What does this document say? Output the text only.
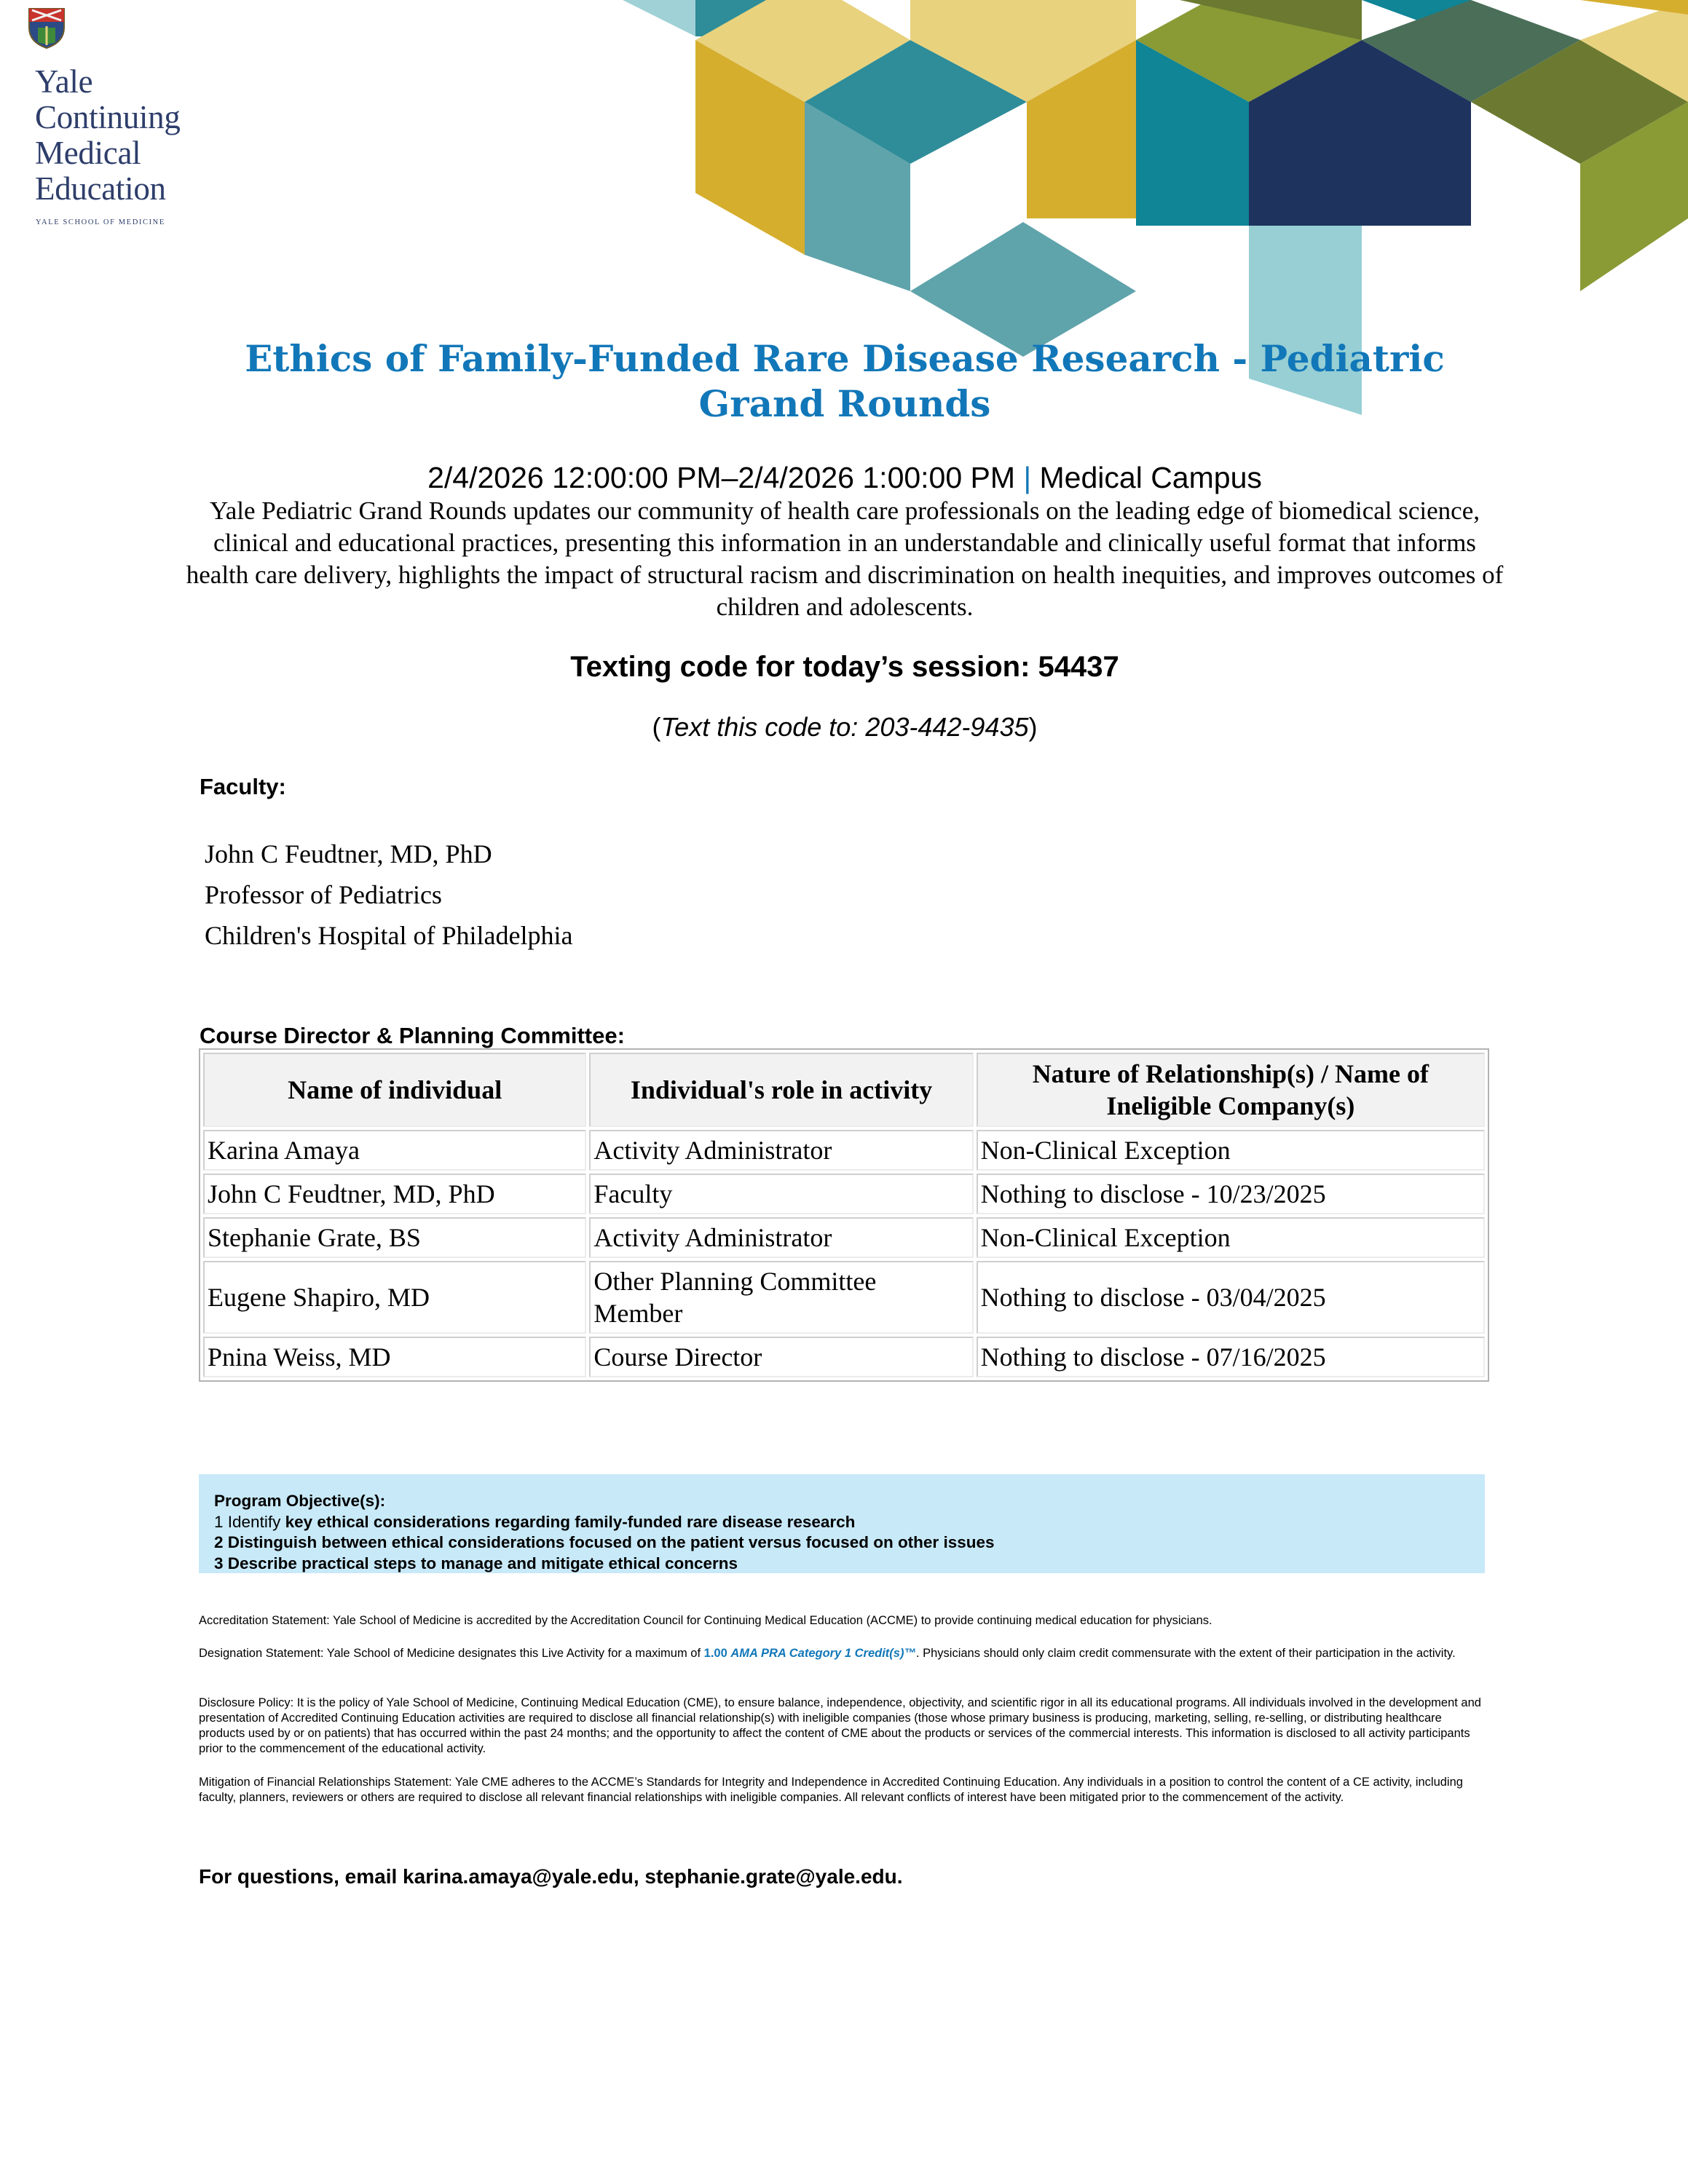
Yale
Continuing
Medical
Education
YALE SCHOOL OF MEDICINE
Ethics of Family-Funded Rare Disease Research - Pediatric Grand Rounds
2/4/2026 12:00:00 PM–2/4/2026 1:00:00 PM | Medical Campus
Yale Pediatric Grand Rounds updates our community of health care professionals on the leading edge of biomedical science, clinical and educational practices, presenting this information in an understandable and clinically useful format that informs health care delivery, highlights the impact of structural racism and discrimination on health inequities, and improves outcomes of children and adolescents.
Texting code for today’s session: 54437
(Text this code to: 203-442-9435)
Faculty:
John C Feudtner, MD, PhD
Professor of Pediatrics
Children's Hospital of Philadelphia
Course Director & Planning Committee:
Name of individual	Individual's role in activity	Nature of Relationship(s) / Name of Ineligible Company(s)
Karina Amaya	Activity Administrator	Non-Clinical Exception
John C Feudtner, MD, PhD	Faculty	Nothing to disclose - 10/23/2025
Stephanie Grate, BS	Activity Administrator	Non-Clinical Exception
Eugene Shapiro, MD	Other Planning Committee Member	Nothing to disclose - 03/04/2025
Pnina Weiss, MD	Course Director	Nothing to disclose - 07/16/2025
Program Objective(s):
1 Identify key ethical considerations regarding family-funded rare disease research
2 Distinguish between ethical considerations focused on the patient versus focused on other issues
3 Describe practical steps to manage and mitigate ethical concerns
Accreditation Statement: Yale School of Medicine is accredited by the Accreditation Council for Continuing Medical Education (ACCME) to provide continuing medical education for physicians.
Designation Statement: Yale School of Medicine designates this Live Activity for a maximum of 1.00 AMA PRA Category 1 Credit(s)™. Physicians should only claim credit commensurate with the extent of their participation in the activity.
Disclosure Policy: It is the policy of Yale School of Medicine, Continuing Medical Education (CME), to ensure balance, independence, objectivity, and scientific rigor in all its educational programs. All individuals involved in the development and presentation of Accredited Continuing Education activities are required to disclose all financial relationship(s) with ineligible companies (those whose primary business is producing, marketing, selling, re-selling, or distributing healthcare products used by or on patients) that has occurred within the past 24 months; and the opportunity to affect the content of CME about the products or services of the commercial interests. This information is disclosed to all activity participants prior to the commencement of the educational activity.
Mitigation of Financial Relationships Statement: Yale CME adheres to the ACCME’s Standards for Integrity and Independence in Accredited Continuing Education. Any individuals in a position to control the content of a CE activity, including faculty, planners, reviewers or others are required to disclose all relevant financial relationships with ineligible companies. All relevant conflicts of interest have been mitigated prior to the commencement of the activity.
For questions, email karina.amaya@yale.edu, stephanie.grate@yale.edu.
